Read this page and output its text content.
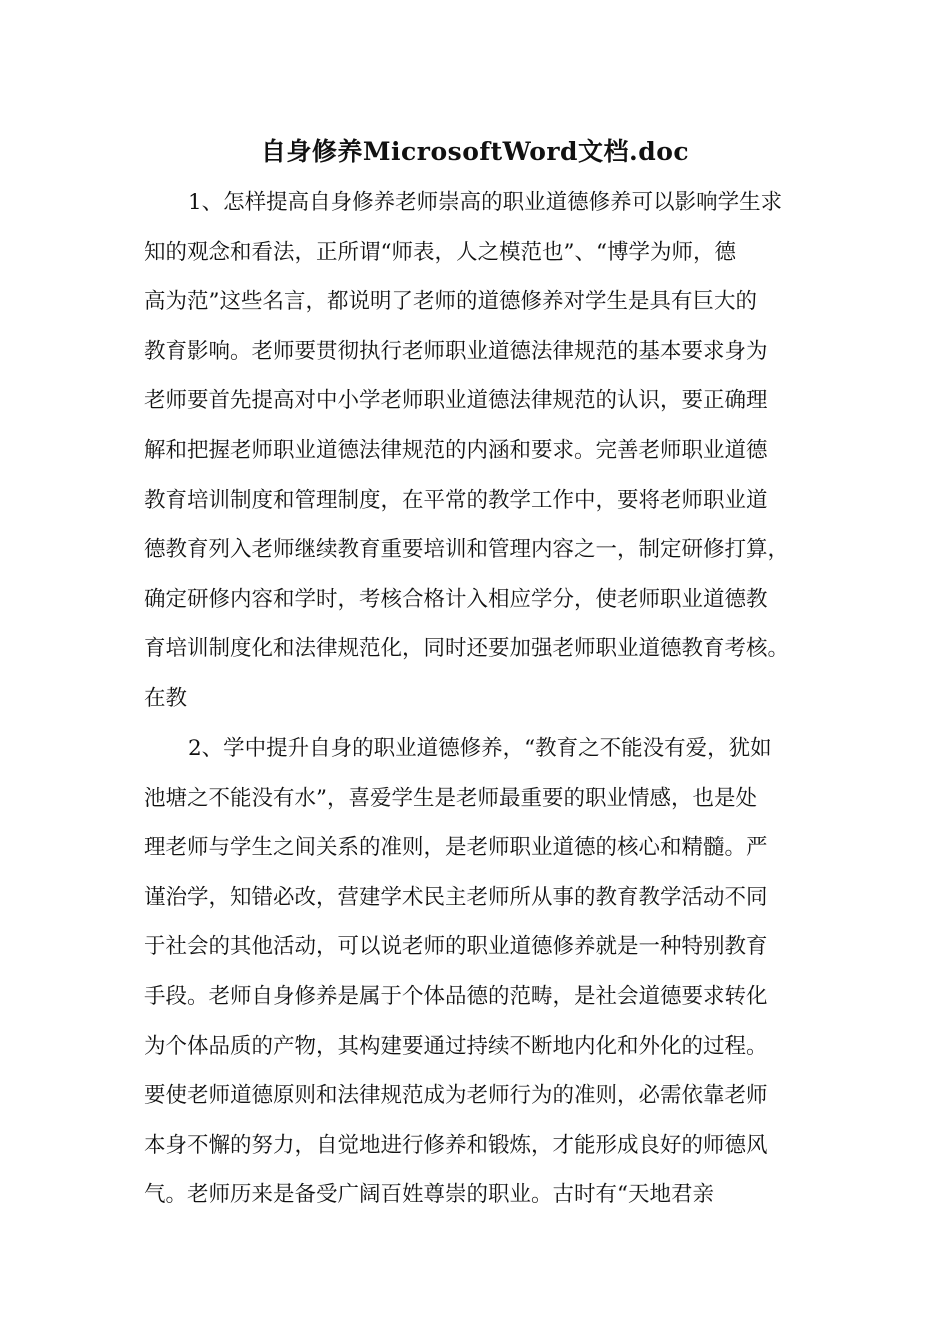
自身修养MicrosoftWord文档.doc
1、怎样提高自身修养老师崇高的职业道德修养可以影响学生求
知的观念和看法，正所谓“师表，人之模范也”、“博学为师，德
高为范”这些名言，都说明了老师的道德修养对学生是具有巨大的
教育影响。老师要贯彻执行老师职业道德法律规范的基本要求身为
老师要首先提高对中小学老师职业道德法律规范的认识，要正确理
解和把握老师职业道德法律规范的内涵和要求。完善老师职业道德
教育培训制度和管理制度，在平常的教学工作中，要将老师职业道
德教育列入老师继续教育重要培训和管理内容之一，制定研修打算，
确定研修内容和学时，考核合格计入相应学分，使老师职业道德教
育培训制度化和法律规范化，同时还要加强老师职业道德教育考核。
在教
2、学中提升自身的职业道德修养，“教育之不能没有爱，犹如
池塘之不能没有水”，喜爱学生是老师最重要的职业情感，也是处
理老师与学生之间关系的准则，是老师职业道德的核心和精髓。严
谨治学，知错必改，营建学术民主老师所从事的教育教学活动不同
于社会的其他活动，可以说老师的职业道德修养就是一种特别教育
手段。老师自身修养是属于个体品德的范畴，是社会道德要求转化
为个体品质的产物，其构建要通过持续不断地内化和外化的过程。
要使老师道德原则和法律规范成为老师行为的准则，必需依靠老师
本身不懈的努力，自觉地进行修养和锻炼，才能形成良好的师德风
气。老师历来是备受广阔百姓尊崇的职业。古时有“天地君亲
